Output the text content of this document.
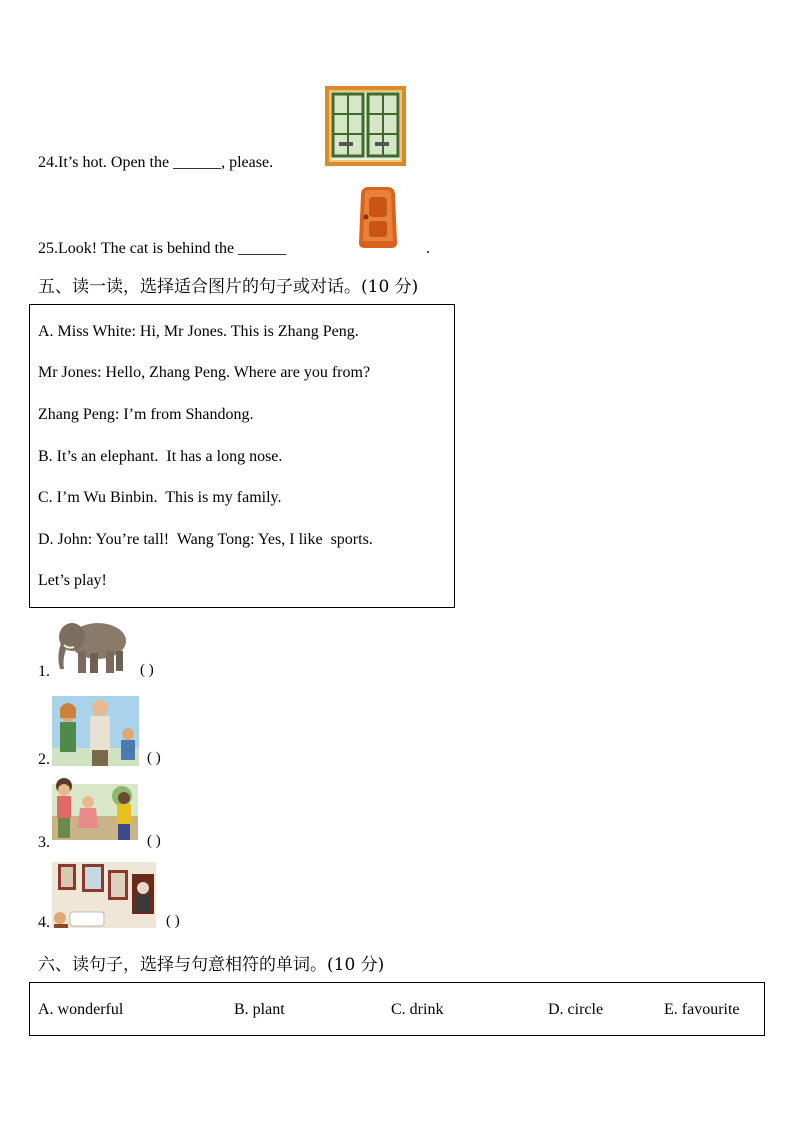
24.It’s hot. Open the ______, please.
25.Look! The cat is behind the ______	.
五、读一读，选择适合图片的句子或对话。(10 分)
A. Miss White: Hi, Mr Jones. This is Zhang Peng.
Mr Jones: Hello, Zhang Peng. Where are you from?
Zhang Peng: I’m from Shandong.
B. It’s an elephant.  It has a long nose.
C. I’m Wu Binbin.  This is my family.
D. John: You’re tall!  Wang Tong: Yes, I like  sports.
Let’s play!
1.	( )
2.	( )
3.	( )
4.	( )
六、读句子，选择与句意相符的单词。(10 分)
A. wonderful	B. plant	C. drink	D. circle	E. favourite
